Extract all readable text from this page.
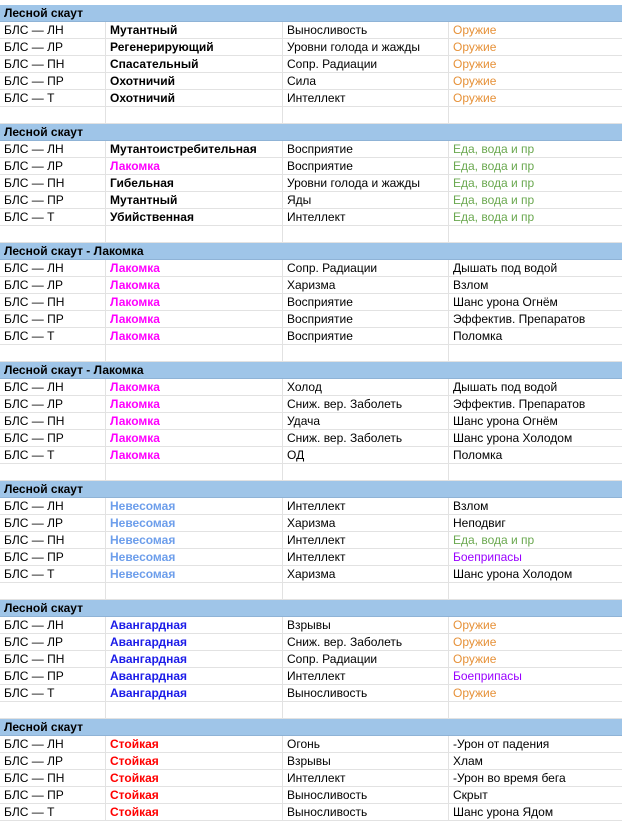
Лесной скаут
БЛС — ЛН	Мутантный	Выносливость	Оружие
БЛС — ЛР	Регенерирующий	Уровни голода и жажды	Оружие
БЛС — ПН	Спасательный	Сопр. Радиации	Оружие
БЛС — ПР	Охотничий	Сила	Оружие
БЛС — Т	Охотничий	Интеллект	Оружие
Лесной скаут
БЛС — ЛН	Мутантоистребительная	Восприятие	Еда, вода и пр
БЛС — ЛР	Лакомка	Восприятие	Еда, вода и пр
БЛС — ПН	Гибельная	Уровни голода и жажды	Еда, вода и пр
БЛС — ПР	Мутантный	Яды	Еда, вода и пр
БЛС — Т	Убийственная	Интеллект	Еда, вода и пр
Лесной скаут - Лакомка
БЛС — ЛН	Лакомка	Сопр. Радиации	Дышать под водой
БЛС — ЛР	Лакомка	Харизма	Взлом
БЛС — ПН	Лакомка	Восприятие	Шанс урона Огнём
БЛС — ПР	Лакомка	Восприятие	Эффектив. Препаратов
БЛС — Т	Лакомка	Восприятие	Поломка
Лесной скаут - Лакомка
БЛС — ЛН	Лакомка	Холод	Дышать под водой
БЛС — ЛР	Лакомка	Сниж. вер. Заболеть	Эффектив. Препаратов
БЛС — ПН	Лакомка	Удача	Шанс урона Огнём
БЛС — ПР	Лакомка	Сниж. вер. Заболеть	Шанс урона Холодом
БЛС — Т	Лакомка	ОД	Поломка
Лесной скаут
БЛС — ЛН	Невесомая	Интеллект	Взлом
БЛС — ЛР	Невесомая	Харизма	Неподвиг
БЛС — ПН	Невесомая	Интеллект	Еда, вода и пр
БЛС — ПР	Невесомая	Интеллект	Боеприпасы
БЛС — Т	Невесомая	Харизма	Шанс урона Холодом
Лесной скаут
БЛС — ЛН	Авангардная	Взрывы	Оружие
БЛС — ЛР	Авангардная	Сниж. вер. Заболеть	Оружие
БЛС — ПН	Авангардная	Сопр. Радиации	Оружие
БЛС — ПР	Авангардная	Интеллект	Боеприпасы
БЛС — Т	Авангардная	Выносливость	Оружие
Лесной скаут
БЛС — ЛН	Стойкая	Огонь	-Урон от падения
БЛС — ЛР	Стойкая	Взрывы	Хлам
БЛС — ПН	Стойкая	Интеллект	-Урон во время бега
БЛС — ПР	Стойкая	Выносливость	Скрыт
БЛС — Т	Стойкая	Выносливость	Шанс урона Ядом
